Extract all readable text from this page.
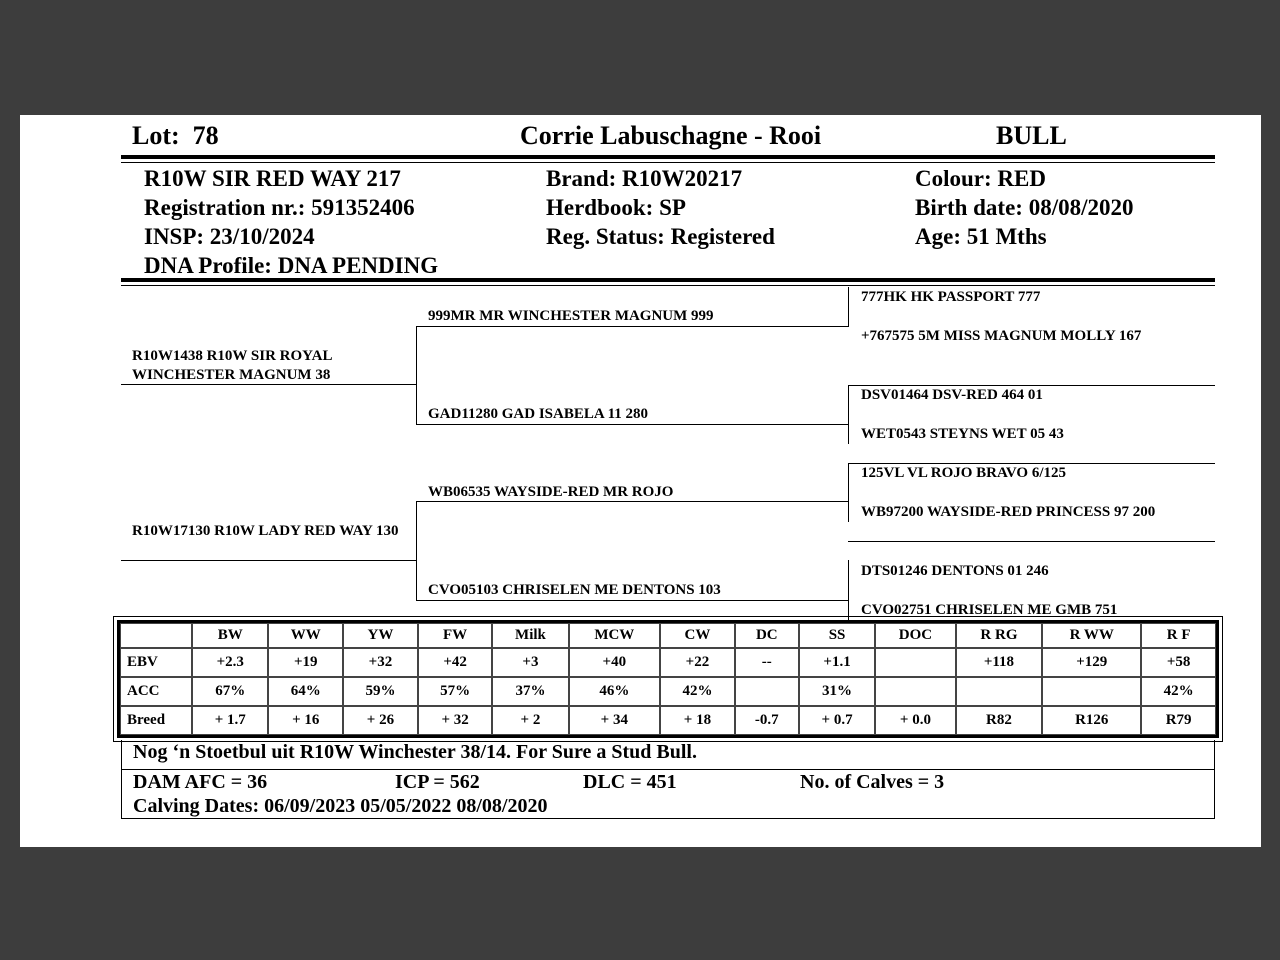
Lot: 78	Corrie Labuschagne - Rooi	BULL
R10W SIR RED WAY 217
Registration nr.: 591352406
INSP: 23/10/2024
DNA Profile: DNA PENDING
Brand: R10W20217
Herdbook: SP
Reg. Status: Registered
Colour: RED
Birth date: 08/08/2020
Age: 51 Mths
R10W1438 R10W SIR ROYAL WINCHESTER MAGNUM 38
R10W17130 R10W LADY RED WAY 130
999MR MR WINCHESTER MAGNUM 999
GAD11280 GAD ISABELA 11 280
WB06535 WAYSIDE-RED MR ROJO
CVO05103 CHRISELEN ME DENTONS 103
777HK HK PASSPORT 777
+767575 5M MISS MAGNUM MOLLY 167
DSV01464 DSV-RED 464 01
WET0543 STEYNS WET 05 43
125VL VL ROJO BRAVO 6/125
WB97200 WAYSIDE-RED PRINCESS 97 200
DTS01246 DENTONS 01 246
CVO02751 CHRISELEN ME GMB 751
	BW	WW	YW	FW	Milk	MCW	CW	DC	SS	DOC	R RG	R WW	R F
EBV	+2.3	+19	+32	+42	+3	+40	+22	--	+1.1		+118	+129	+58
ACC	67%	64%	59%	57%	37%	46%	42%		31%				42%
Breed	+ 1.7	+ 16	+ 26	+ 32	+ 2	+ 34	+ 18	-0.7	+ 0.7	+ 0.0	R82	R126	R79
Nog ‘n Stoetbul uit R10W Winchester 38/14. For Sure a Stud Bull.
DAM AFC = 36	ICP = 562	DLC = 451	No. of Calves = 3
Calving Dates: 06/09/2023 05/05/2022 08/08/2020
